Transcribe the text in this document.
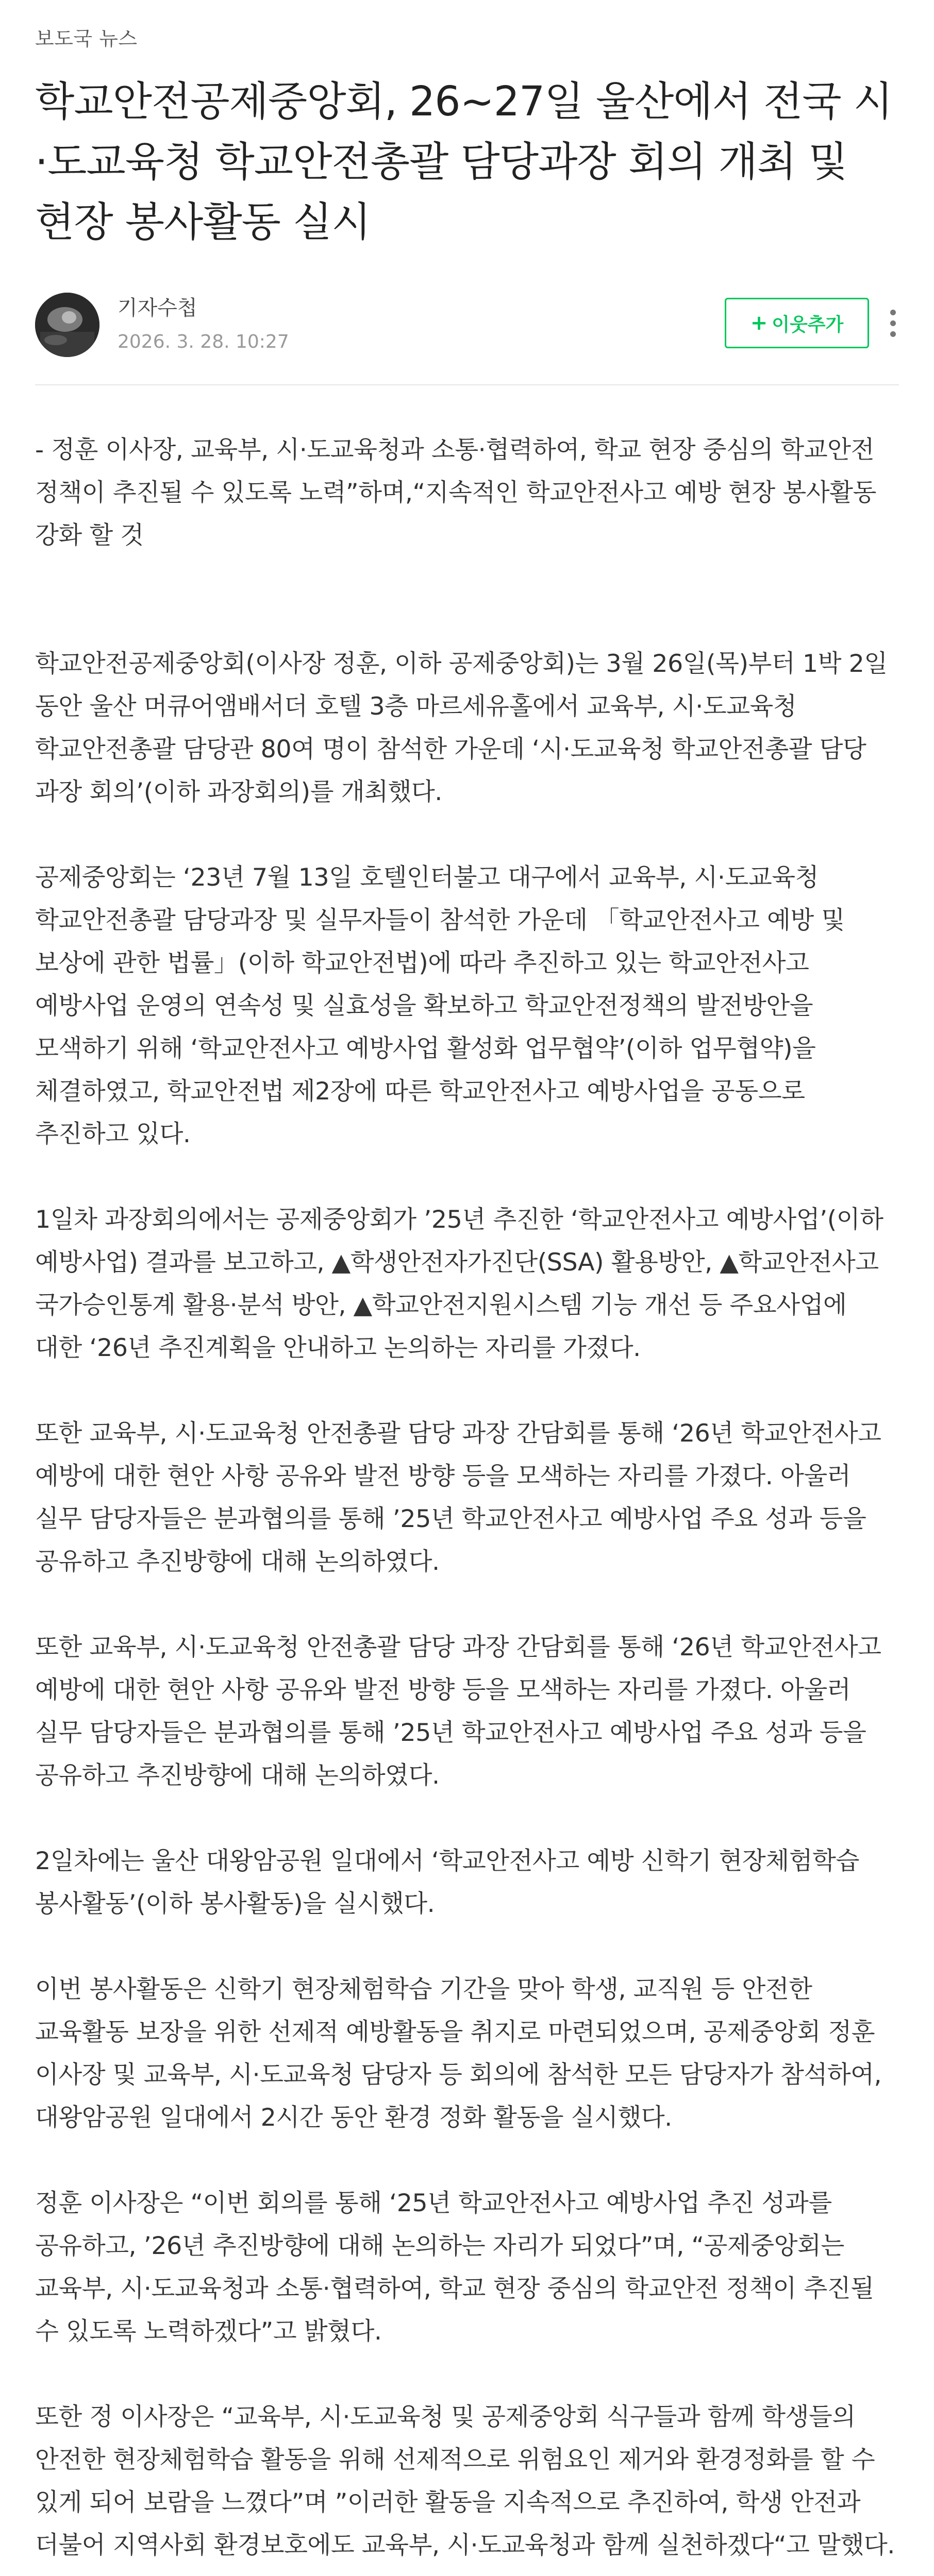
보도국 뉴스
학교안전공제중앙회, 26~27일 울산에서 전국 시·도교육청 학교안전총괄 담당과장 회의 개최 및 현장 봉사활동 실시
기자수첩
2026. 3. 28. 10:27
+ 이웃추가

- 정훈 이사장, 교육부, 시·도교육청과 소통·협력하여, 학교 현장 중심의 학교안전 정책이 추진될 수 있도록 노력”하며,“지속적인 학교안전사고 예방 현장 봉사활동 강화 할 것

학교안전공제중앙회(이사장 정훈, 이하 공제중앙회)는 3월 26일(목)부터 1박 2일 동안 울산 머큐어앰배서더 호텔 3층 마르세유홀에서 교육부, 시·도교육청 학교안전총괄 담당관 80여 명이 참석한 가운데 ‘시·도교육청 학교안전총괄 담당 과장 회의’(이하 과장회의)를 개최했다.

공제중앙회는 ‘23년 7월 13일 호텔인터불고 대구에서 교육부, 시·도교육청 학교안전총괄 담당과장 및 실무자들이 참석한 가운데 「학교안전사고 예방 및 보상에 관한 법률」(이하 학교안전법)에 따라 추진하고 있는 학교안전사고 예방사업 운영의 연속성 및 실효성을 확보하고 학교안전정책의 발전방안을 모색하기 위해 ‘학교안전사고 예방사업 활성화 업무협약’(이하 업무협약)을 체결하였고, 학교안전법 제2장에 따른 학교안전사고 예방사업을 공동으로 추진하고 있다.

1일차 과장회의에서는 공제중앙회가 ’25년 추진한 ‘학교안전사고 예방사업’(이하 예방사업) 결과를 보고하고, ▲학생안전자가진단(SSA) 활용방안, ▲학교안전사고 국가승인통계 활용·분석 방안, ▲학교안전지원시스템 기능 개선 등 주요사업에 대한 ‘26년 추진계획을 안내하고 논의하는 자리를 가졌다.

또한 교육부, 시·도교육청 안전총괄 담당 과장 간담회를 통해 ‘26년 학교안전사고 예방에 대한 현안 사항 공유와 발전 방향 등을 모색하는 자리를 가졌다. 아울러 실무 담당자들은 분과협의를 통해 ’25년 학교안전사고 예방사업 주요 성과 등을 공유하고 추진방향에 대해 논의하였다.

또한 교육부, 시·도교육청 안전총괄 담당 과장 간담회를 통해 ‘26년 학교안전사고 예방에 대한 현안 사항 공유와 발전 방향 등을 모색하는 자리를 가졌다. 아울러 실무 담당자들은 분과협의를 통해 ’25년 학교안전사고 예방사업 주요 성과 등을 공유하고 추진방향에 대해 논의하였다.

2일차에는 울산 대왕암공원 일대에서 ‘학교안전사고 예방 신학기 현장체험학습 봉사활동’(이하 봉사활동)을 실시했다.

이번 봉사활동은 신학기 현장체험학습 기간을 맞아 학생, 교직원 등 안전한 교육활동 보장을 위한 선제적 예방활동을 취지로 마련되었으며, 공제중앙회 정훈 이사장 및 교육부, 시·도교육청 담당자 등 회의에 참석한 모든 담당자가 참석하여, 대왕암공원 일대에서 2시간 동안 환경 정화 활동을 실시했다.

정훈 이사장은 “이번 회의를 통해 ‘25년 학교안전사고 예방사업 추진 성과를 공유하고, ’26년 추진방향에 대해 논의하는 자리가 되었다”며, “공제중앙회는 교육부, 시·도교육청과 소통·협력하여, 학교 현장 중심의 학교안전 정책이 추진될 수 있도록 노력하겠다”고 밝혔다.

또한 정 이사장은 “교육부, 시·도교육청 및 공제중앙회 식구들과 함께 학생들의 안전한 현장체험학습 활동을 위해 선제적으로 위험요인 제거와 환경정화를 할 수 있게 되어 보람을 느꼈다”며 ”이러한 활동을 지속적으로 추진하여, 학생 안전과 더불어 지역사회 환경보호에도 교육부, 시·도교육청과 함께 실천하겠다“고 말했다.
